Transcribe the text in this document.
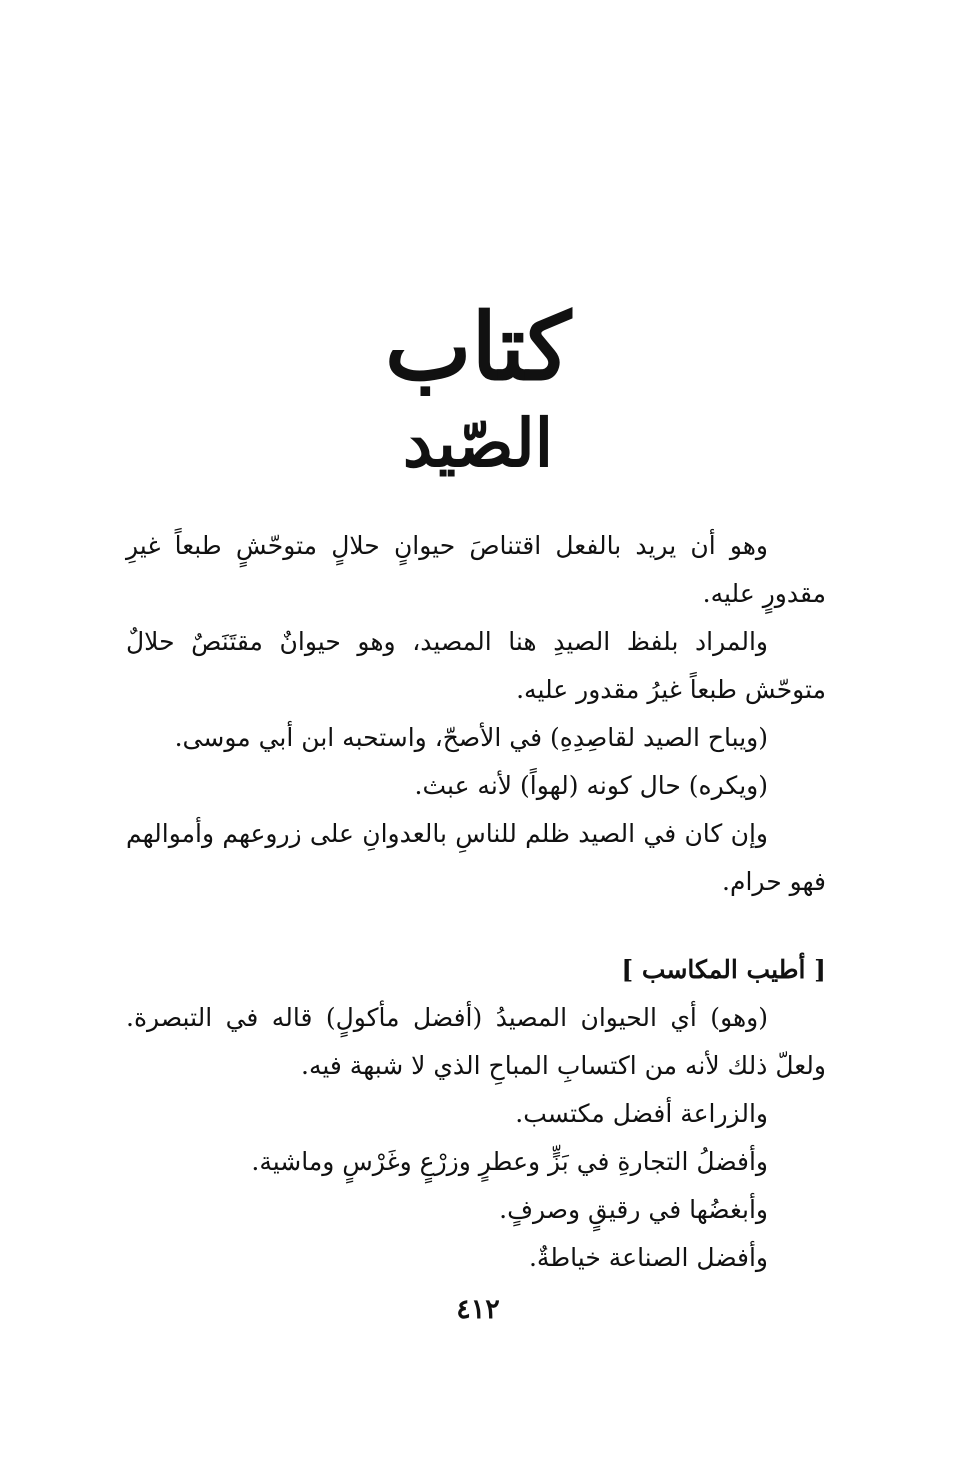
كتاب
الصّيد

وهو أن يريد بالفعل اقتناصَ حيوانٍ حلالٍ متوحّشٍ طبعاً غيرِ مقدورٍ عليه.

والمراد بلفظ الصيدِ هنا المصيد، وهو حيوانٌ مقتَنَصٌ حلالٌ متوحّش طبعاً غيرُ مقدور عليه.

(ويباح الصيد لقاصِدِهِ) في الأصحّ، واستحبه ابن أبي موسى.

(ويكره) حال كونه (لهواً) لأنه عبث.

وإن كان في الصيد ظلم للناسِ بالعدوانِ على زروعهم وأموالهم فهو حرام.

[ أطيب المكاسب ]

(وهو) أي الحيوان المصيدُ (أفضل مأكولٍ) قاله في التبصرة. ولعلّ ذلك لأنه من اكتسابِ المباحِ الذي لا شبهة فيه.

والزراعة أفضل مكتسب.

وأفضلُ التجارةِ في بَزٍّ وعطرٍ وزرْعٍ وغَرْسٍ وماشية.

وأبغضُها في رقيقٍ وصرفٍ.

وأفضل الصناعة خياطةٌ.

٤١٢
